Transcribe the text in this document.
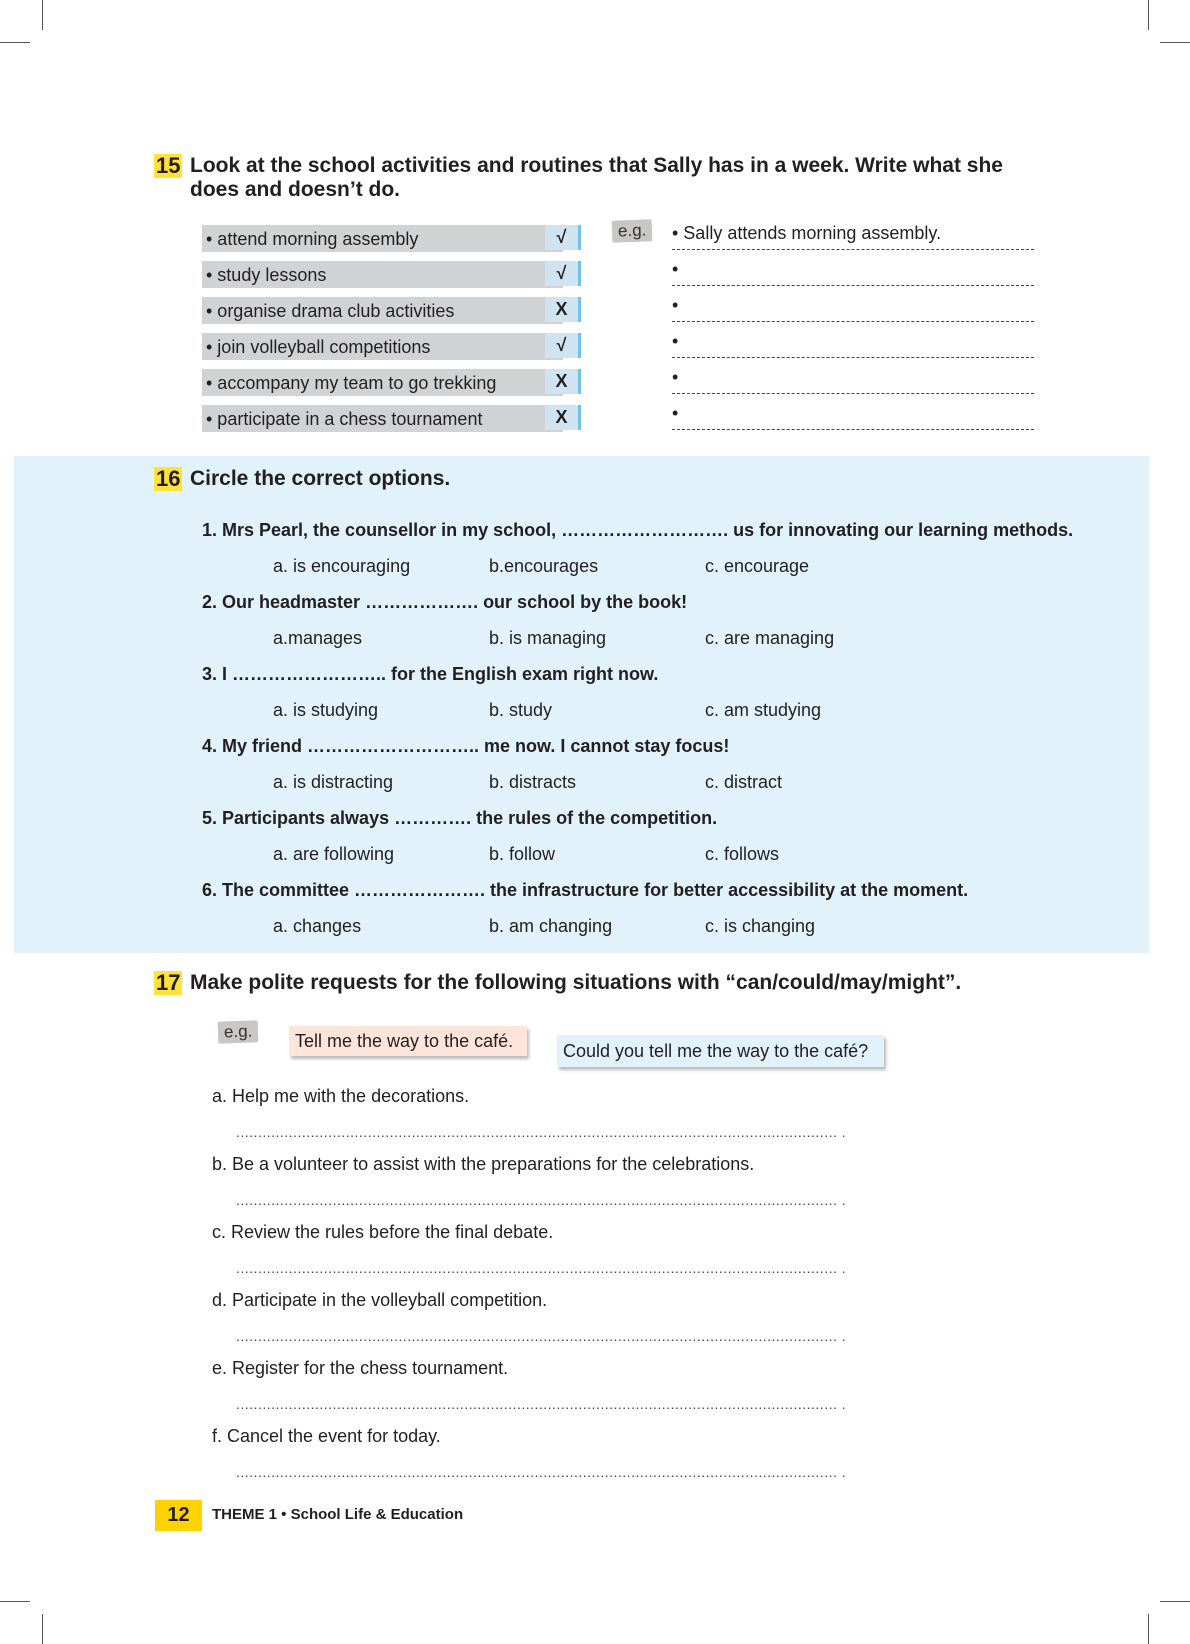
15 Look at the school activities and routines that Sally has in a week. Write what she
does and doesn’t do.
• attend morning assembly	√
• study lessons	√
• organise drama club activities	X
• join volleyball competitions	√
• accompany my team to go trekking	X
• participate in a chess tournament	X
e.g.	• Sally attends morning assembly.
•
•
•
•
•
16 Circle the correct options.
1. Mrs Pearl, the counsellor in my school, ………………………. us for innovating our learning methods.
a. is encouraging	b.encourages	c. encourage
2. Our headmaster ………………. our school by the book!
a.manages	b. is managing	c. are managing
3. I …………………….. for the English exam right now.
a. is studying	b. study	c. am studying
4. My friend ……………………….. me now. I cannot stay focus!
a. is distracting	b. distracts	c. distract
5. Participants always …………. the rules of the competition.
a. are following	b. follow	c. follows
6. The committee …………………. the infrastructure for better accessibility at the moment.
a. changes	b. am changing	c. is changing
17 Make polite requests for the following situations with “can/could/may/might”.
e.g.	Tell me the way to the café.	Could you tell me the way to the café?
a. Help me with the decorations.
......................................................................................................................................... .
b. Be a volunteer to assist with the preparations for the celebrations.
......................................................................................................................................... .
c. Review the rules before the final debate.
......................................................................................................................................... .
d. Participate in the volleyball competition.
......................................................................................................................................... .
e. Register for the chess tournament.
......................................................................................................................................... .
f. Cancel the event for today.
......................................................................................................................................... .
12	THEME 1 • School Life & Education
